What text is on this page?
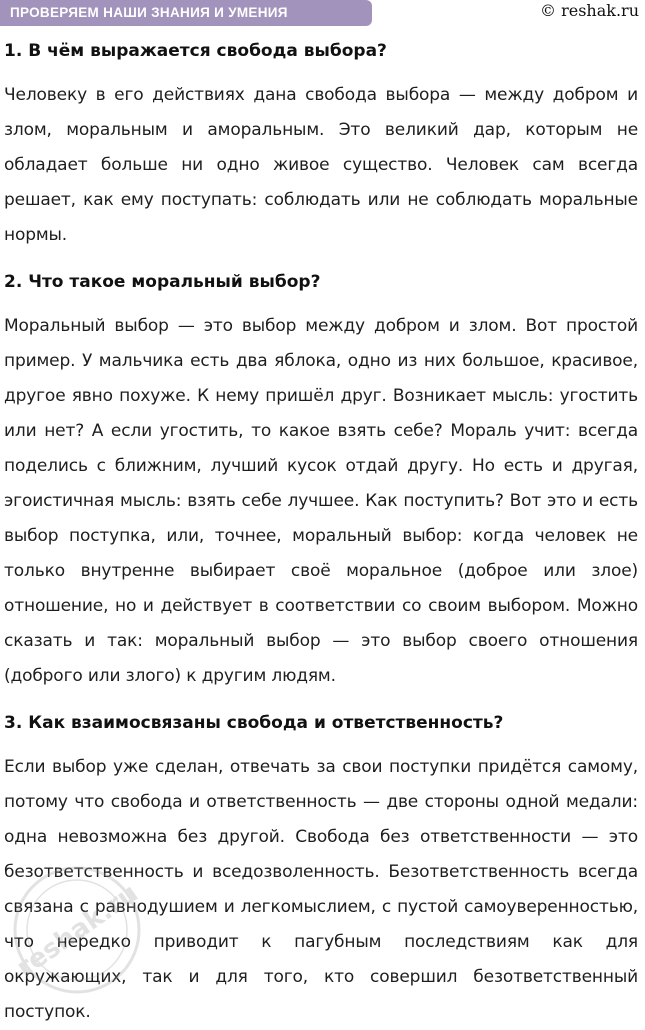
ПРОВЕРЯЕМ НАШИ ЗНАНИЯ И УМЕНИЯ	© reshak.ru
1. В чём выражается свобода выбора?

Человеку в его действиях дана свобода выбора — между добром и злом, моральным и аморальным. Это великий дар, которым не обладает больше ни одно живое существо. Человек сам всегда решает, как ему поступать: соблюдать или не соблюдать моральные нормы.

2. Что такое моральный выбор?

Моральный выбор — это выбор между добром и злом. Вот простой пример. У мальчика есть два яблока, одно из них большое, красивое, другое явно похуже. К нему пришёл друг. Возникает мысль: угостить или нет? А если угостить, то какое взять себе? Мораль учит: всегда поделись с ближним, лучший кусок отдай другу. Но есть и другая, эгоистичная мысль: взять себе лучшее. Как поступить? Вот это и есть выбор поступка, или, точнее, моральный выбор: когда человек не только внутренне выбирает своё моральное (доброе или злое) отношение, но и действует в соответствии со своим выбором. Можно сказать и так: моральный выбор — это выбор своего отношения (доброго или злого) к другим людям.

3. Как взаимосвязаны свобода и ответственность?

Если выбор уже сделан, отвечать за свои поступки придётся самому, потому что свобода и ответственность — две стороны одной медали: одна невозможна без другой. Свобода без ответственности — это безответственность и вседозволенность. Безответственность всегда связана с равнодушием и легкомыслием, с пустой самоуверенностью, что нередко приводит к пагубным последствиям как для окружающих, так и для того, кто совершил безответственный поступок.

reshak.ru
